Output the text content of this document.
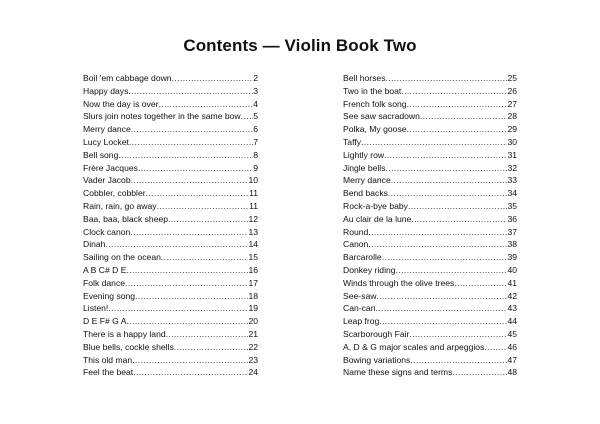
Contents — Violin Book Two
Boil 'em cabbage down .....	2
Happy days .....	3
Now the day is over .....	4
Slurs join notes together in the same bow ..... 5
Merry dance .....	6
Lucy Locket .....	7
Bell song .....	8
Frère Jacques .....	9
Vader Jacob .....	10
Cobbler, cobbler .....	11
Rain, rain, go away .....	11
Baa, baa, black sheep .....	12
Clock canon .....	13
Dinah .....	14
Sailing on the ocean .....	15
A B C# D E .....	16
Folk dance .....	17
Evening song .....	18
Listen! .....	19
D E F# G A .....	20
There is a happy land .....	21
Blue bells, cockle shells .....	22
This old man .....	23
Feel the beat .....	24
Bell horses .....	25
Two in the boat .....	26
French folk song .....	27
See saw sacradown .....	28
Polka, My goose .....	29
Taffy .....	30
Lightly row .....	31
Jingle bells .....	32
Merry dance .....	33
Bend backs .....	34
Rock-a-bye baby .....	35
Au clair de la lune .....	36
Round .....	37
Canon .....	38
Barcarolle .....	39
Donkey riding .....	40
Winds through the olive trees .....	41
See-saw .....	42
Can-can .....	43
Leap frog .....	44
Scarborough Fair .....	45
A, D & G major scales and arpeggios .....	46
Bowing variations .....	47
Name these signs and terms .....	48
